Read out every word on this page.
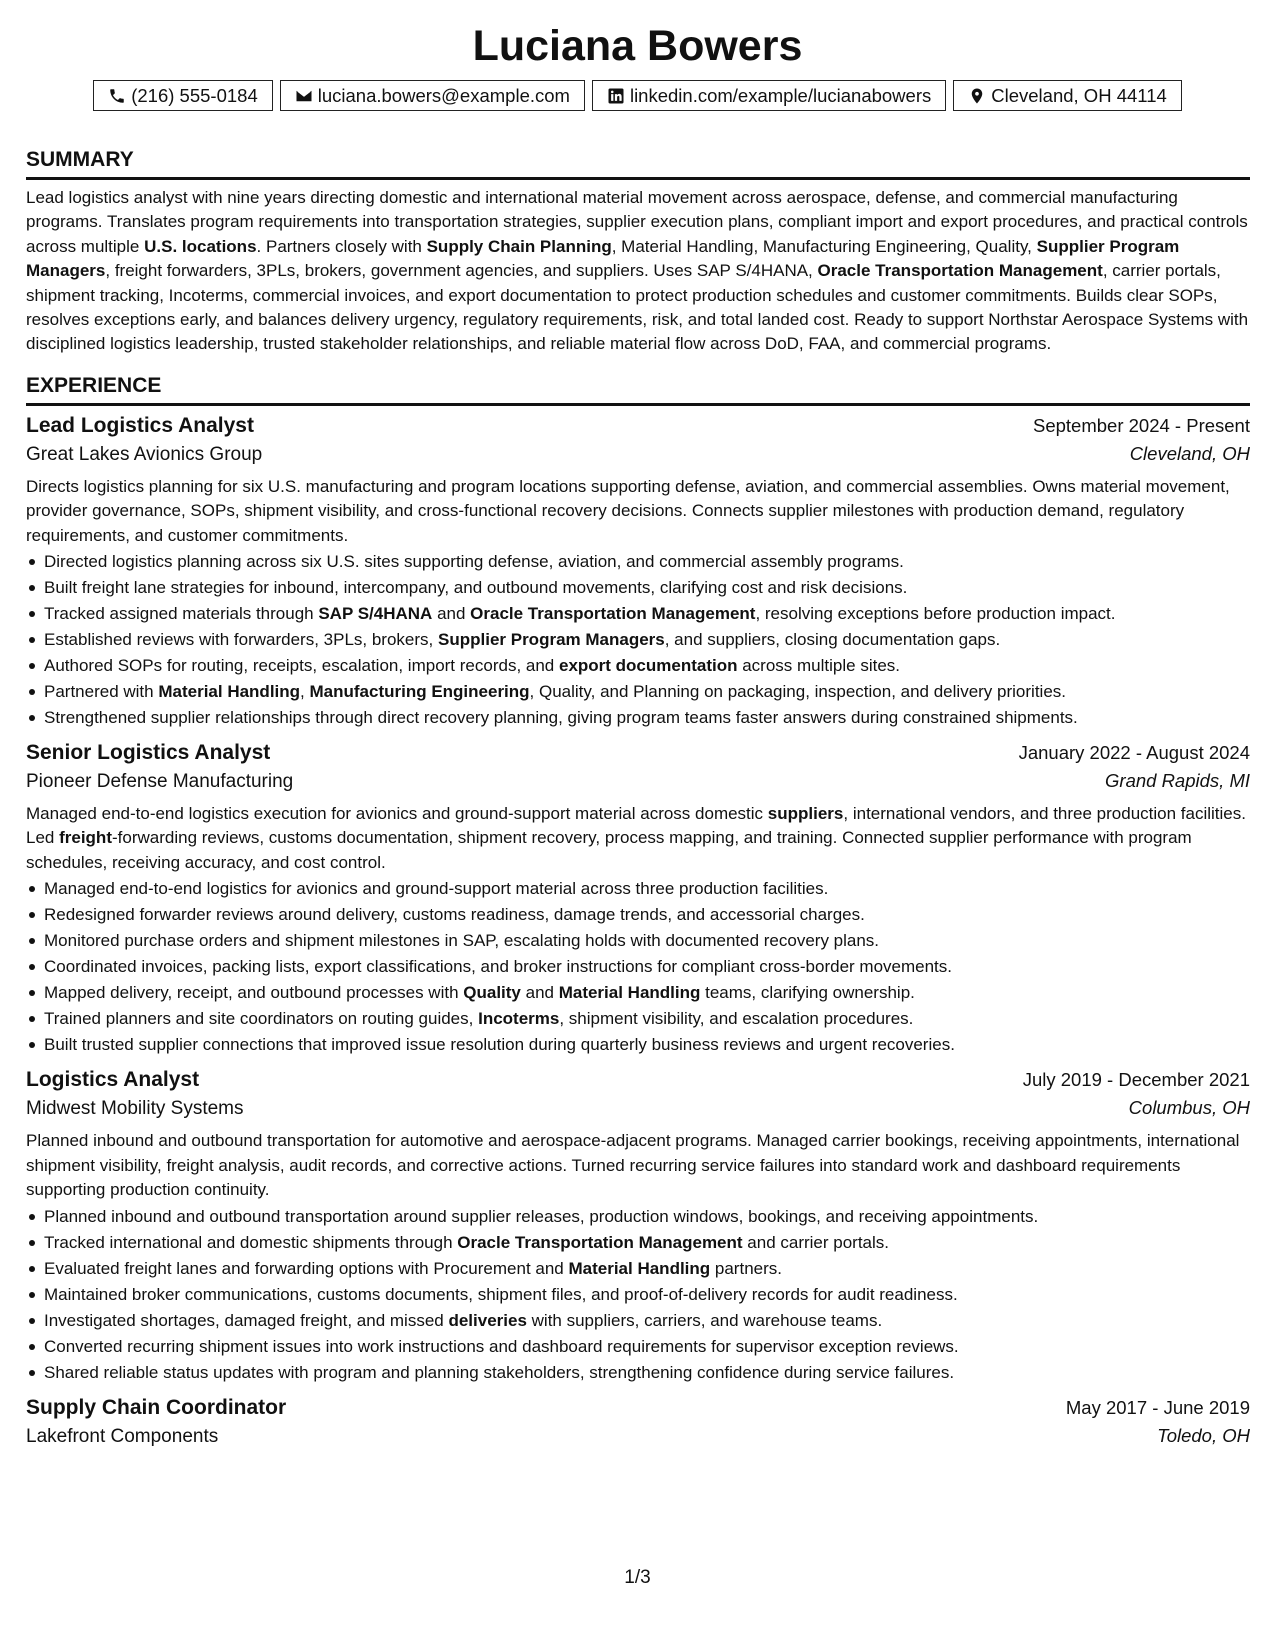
Luciana Bowers
(216) 555-0184	luciana.bowers@example.com	linkedin.com/example/lucianabowers	Cleveland, OH 44114
SUMMARY

Lead logistics analyst with nine years directing domestic and international material movement across aerospace, defense, and commercial manufacturing programs. Translates program requirements into transportation strategies, supplier execution plans, compliant import and export procedures, and practical controls across multiple U.S. locations. Partners closely with Supply Chain Planning, Material Handling, Manufacturing Engineering, Quality, Supplier Program Managers, freight forwarders, 3PLs, brokers, government agencies, and suppliers. Uses SAP S/4HANA, Oracle Transportation Management, carrier portals, shipment tracking, Incoterms, commercial invoices, and export documentation to protect production schedules and customer commitments. Builds clear SOPs, resolves exceptions early, and balances delivery urgency, regulatory requirements, risk, and total landed cost. Ready to support Northstar Aerospace Systems with disciplined logistics leadership, trusted stakeholder relationships, and reliable material flow across DoD, FAA, and commercial programs.

EXPERIENCE
Lead Logistics Analyst	September 2024 - Present
Great Lakes Avionics Group	Cleveland, OH

Directs logistics planning for six U.S. manufacturing and program locations supporting defense, aviation, and commercial assemblies. Owns material movement, provider governance, SOPs, shipment visibility, and cross-functional recovery decisions. Connects supplier milestones with production demand, regulatory requirements, and customer commitments.

Directed logistics planning across six U.S. sites supporting defense, aviation, and commercial assembly programs.
Built freight lane strategies for inbound, intercompany, and outbound movements, clarifying cost and risk decisions.
Tracked assigned materials through SAP S/4HANA and Oracle Transportation Management, resolving exceptions before production impact.
Established reviews with forwarders, 3PLs, brokers, Supplier Program Managers, and suppliers, closing documentation gaps.
Authored SOPs for routing, receipts, escalation, import records, and export documentation across multiple sites.
Partnered with Material Handling, Manufacturing Engineering, Quality, and Planning on packaging, inspection, and delivery priorities.
Strengthened supplier relationships through direct recovery planning, giving program teams faster answers during constrained shipments.
Senior Logistics Analyst	January 2022 - August 2024
Pioneer Defense Manufacturing	Grand Rapids, MI

Managed end-to-end logistics execution for avionics and ground-support material across domestic suppliers, international vendors, and three production facilities. Led freight-forwarding reviews, customs documentation, shipment recovery, process mapping, and training. Connected supplier performance with program schedules, receiving accuracy, and cost control.

Managed end-to-end logistics for avionics and ground-support material across three production facilities.
Redesigned forwarder reviews around delivery, customs readiness, damage trends, and accessorial charges.
Monitored purchase orders and shipment milestones in SAP, escalating holds with documented recovery plans.
Coordinated invoices, packing lists, export classifications, and broker instructions for compliant cross-border movements.
Mapped delivery, receipt, and outbound processes with Quality and Material Handling teams, clarifying ownership.
Trained planners and site coordinators on routing guides, Incoterms, shipment visibility, and escalation procedures.
Built trusted supplier connections that improved issue resolution during quarterly business reviews and urgent recoveries.
Logistics Analyst	July 2019 - December 2021
Midwest Mobility Systems	Columbus, OH

Planned inbound and outbound transportation for automotive and aerospace-adjacent programs. Managed carrier bookings, receiving appointments, international shipment visibility, freight analysis, audit records, and corrective actions. Turned recurring service failures into standard work and dashboard requirements supporting production continuity.

Planned inbound and outbound transportation around supplier releases, production windows, bookings, and receiving appointments.
Tracked international and domestic shipments through Oracle Transportation Management and carrier portals.
Evaluated freight lanes and forwarding options with Procurement and Material Handling partners.
Maintained broker communications, customs documents, shipment files, and proof-of-delivery records for audit readiness.
Investigated shortages, damaged freight, and missed deliveries with suppliers, carriers, and warehouse teams.
Converted recurring shipment issues into work instructions and dashboard requirements for supervisor exception reviews.
Shared reliable status updates with program and planning stakeholders, strengthening confidence during service failures.
Supply Chain Coordinator	May 2017 - June 2019
Lakefront Components	Toledo, OH
1/3
